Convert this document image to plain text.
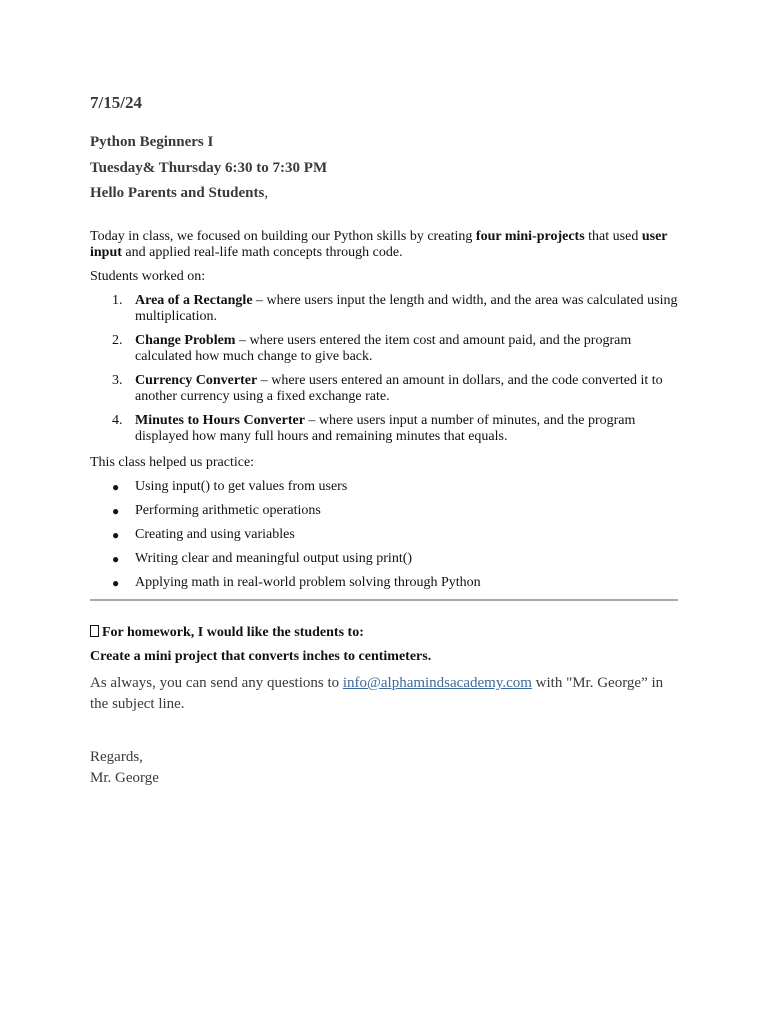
7/15/24
Python Beginners I
Tuesday& Thursday 6:30 to 7:30 PM
Hello Parents and Students,
Today in class, we focused on building our Python skills by creating four mini-projects that used user input and applied real-life math concepts through code.
Students worked on:
1. Area of a Rectangle – where users input the length and width, and the area was calculated using multiplication.
2. Change Problem – where users entered the item cost and amount paid, and the program calculated how much change to give back.
3. Currency Converter – where users entered an amount in dollars, and the code converted it to another currency using a fixed exchange rate.
4. Minutes to Hours Converter – where users input a number of minutes, and the program displayed how many full hours and remaining minutes that equals.
This class helped us practice:
● Using input() to get values from users
● Performing arithmetic operations
● Creating and using variables
● Writing clear and meaningful output using print()
● Applying math in real-world problem solving through Python
For homework, I would like the students to:
Create a mini project that converts inches to centimeters.
As always, you can send any questions to info@alphamindsacademy.com with "Mr. George” in the subject line.
Regards,
Mr. George
